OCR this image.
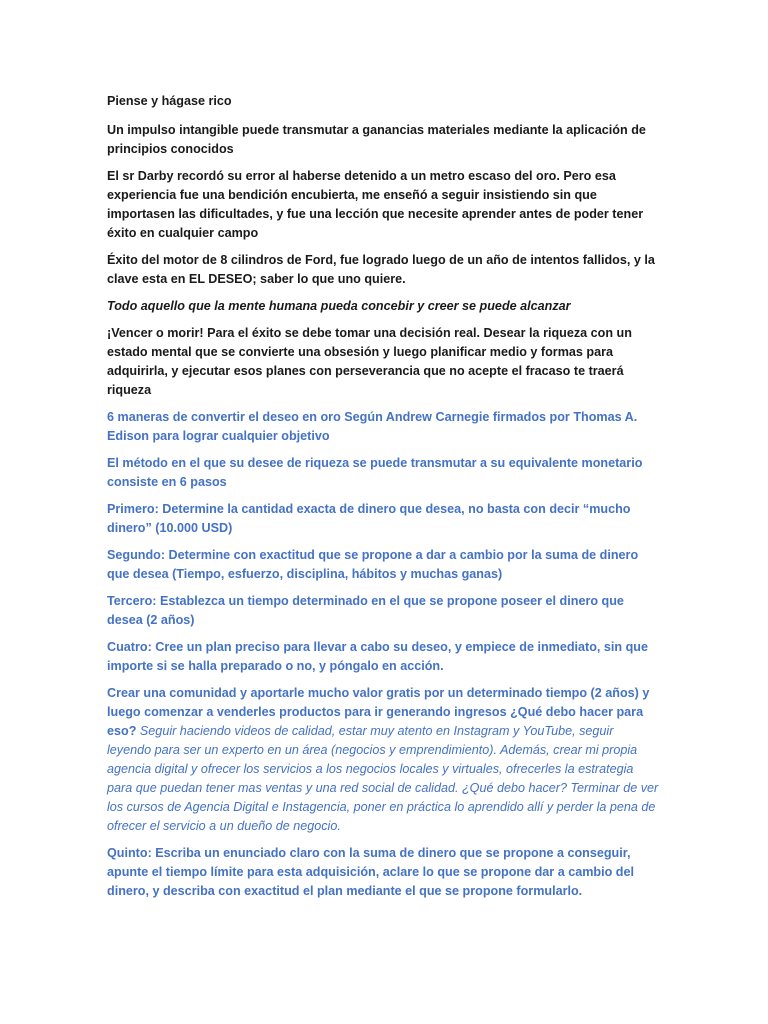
Piense y hágase rico

Un impulso intangible puede transmutar a ganancias materiales mediante la aplicación de principios conocidos

El sr Darby recordó su error al haberse detenido a un metro escaso del oro. Pero esa experiencia fue una bendición encubierta, me enseñó a seguir insistiendo sin que importasen las dificultades, y fue una lección que necesite aprender antes de poder tener éxito en cualquier campo

Éxito del motor de 8 cilindros de Ford, fue logrado luego de un año de intentos fallidos, y la clave esta en EL DESEO; saber lo que uno quiere.

Todo aquello que la mente humana pueda concebir y creer se puede alcanzar

¡Vencer o morir! Para el éxito se debe tomar una decisión real. Desear la riqueza con un estado mental que se convierte una obsesión y luego planificar medio y formas para adquirirla, y ejecutar esos planes con perseverancia que no acepte el fracaso te traerá riqueza

6 maneras de convertir el deseo en oro Según Andrew Carnegie firmados por Thomas A. Edison para lograr cualquier objetivo

El método en el que su desee de riqueza se puede transmutar a su equivalente monetario consiste en 6 pasos

Primero: Determine la cantidad exacta de dinero que desea, no basta con decir “mucho dinero” (10.000 USD)

Segundo: Determine con exactitud que se propone a dar a cambio por la suma de dinero que desea (Tiempo, esfuerzo, disciplina, hábitos y muchas ganas)

Tercero: Establezca un tiempo determinado en el que se propone poseer el dinero que desea (2 años)

Cuatro: Cree un plan preciso para llevar a cabo su deseo, y empiece de inmediato, sin que importe si se halla preparado o no, y póngalo en acción.

Crear una comunidad y aportarle mucho valor gratis por un determinado tiempo (2 años) y luego comenzar a venderles productos para ir generando ingresos ¿Qué debo hacer para eso? Seguir haciendo videos de calidad, estar muy atento en Instagram y YouTube, seguir leyendo para ser un experto en un área (negocios y emprendimiento). Además, crear mi propia agencia digital y ofrecer los servicios a los negocios locales y virtuales, ofrecerles la estrategia para que puedan tener mas ventas y una red social de calidad. ¿Qué debo hacer? Terminar de ver los cursos de Agencia Digital e Instagencia, poner en práctica lo aprendido allí y perder la pena de ofrecer el servicio a un dueño de negocio.

Quinto: Escriba un enunciado claro con la suma de dinero que se propone a conseguir, apunte el tiempo límite para esta adquisición, aclare lo que se propone dar a cambio del dinero, y describa con exactitud el plan mediante el que se propone formularlo.
